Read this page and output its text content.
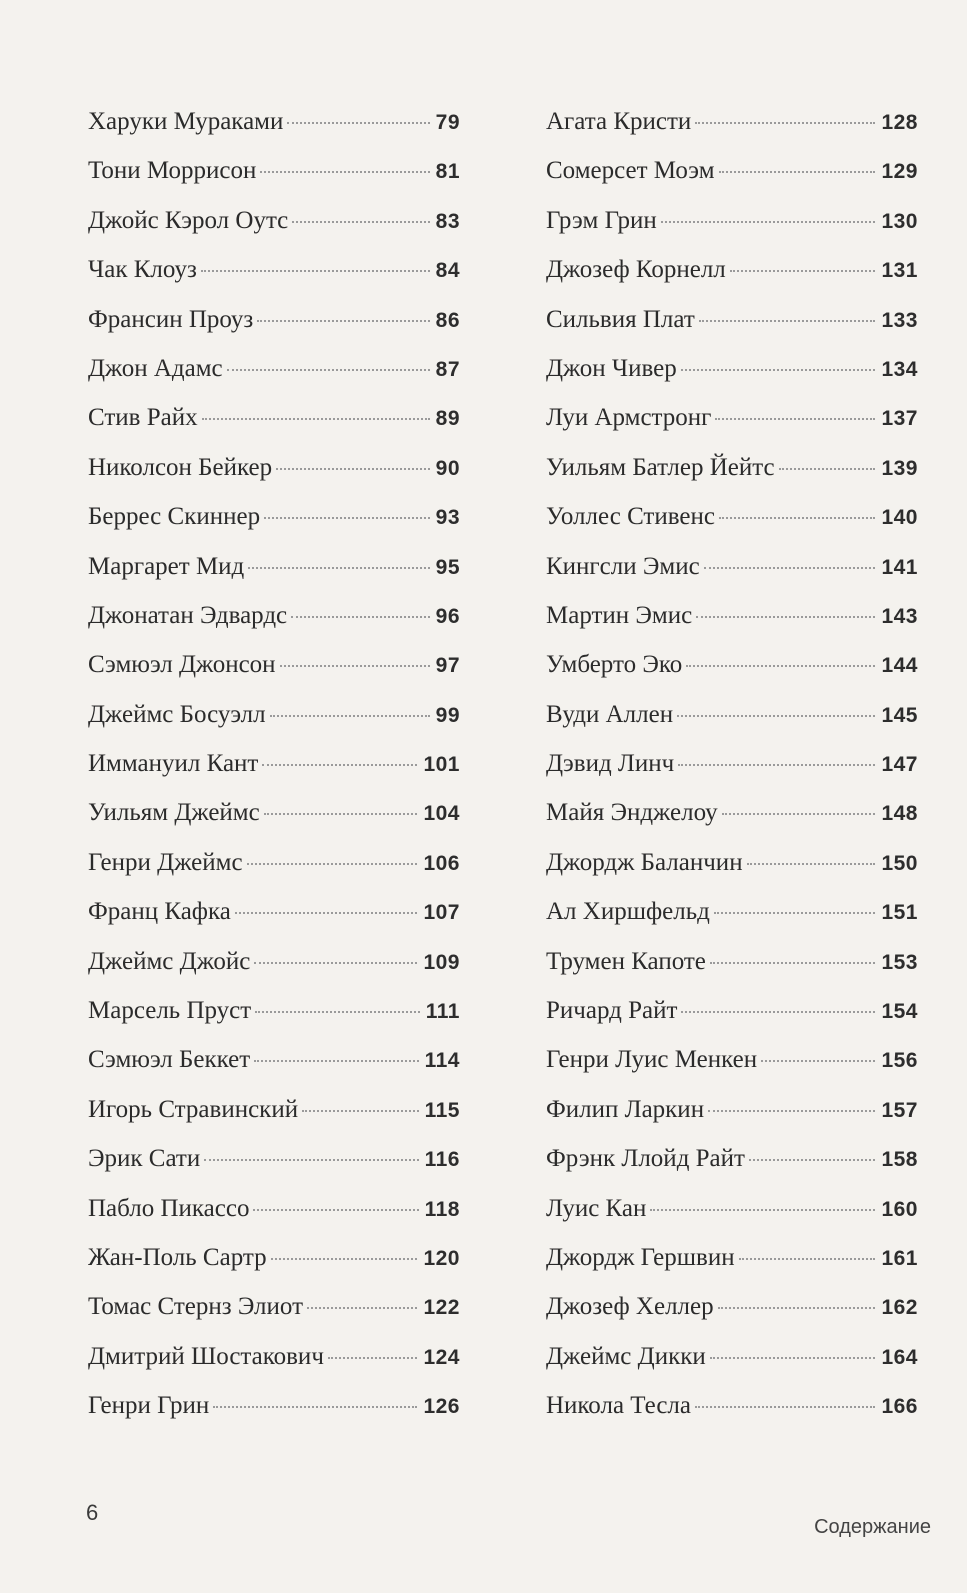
Харуки Мураками	79
Тони Моррисон	81
Джойс Кэрол Оутс	83
Чак Клоуз	84
Франсин Проуз	86
Джон Адамс	87
Стив Райх	89
Николсон Бейкер	90
Беррес Скиннер	93
Маргарет Мид	95
Джонатан Эдвардс	96
Сэмюэл Джонсон	97
Джеймс Босуэлл	99
Иммануил Кант	101
Уильям Джеймс	104
Генри Джеймс	106
Франц Кафка	107
Джеймс Джойс	109
Марсель Пруст	111
Сэмюэл Беккет	114
Игорь Стравинский	115
Эрик Сати	116
Пабло Пикассо	118
Жан-Поль Сартр	120
Томас Стернз Элиот	122
Дмитрий Шостакович	124
Генри Грин	126
Агата Кристи	128
Сомерсет Моэм	129
Грэм Грин	130
Джозеф Корнелл	131
Сильвия Плат	133
Джон Чивер	134
Луи Армстронг	137
Уильям Батлер Йейтс	139
Уоллес Стивенс	140
Кингсли Эмис	141
Мартин Эмис	143
Умберто Эко	144
Вуди Аллен	145
Дэвид Линч	147
Майя Энджелоу	148
Джордж Баланчин	150
Ал Хиршфельд	151
Трумен Капоте	153
Ричард Райт	154
Генри Луис Менкен	156
Филип Ларкин	157
Фрэнк Ллойд Райт	158
Луис Кан	160
Джордж Гершвин	161
Джозеф Хеллер	162
Джеймс Дикки	164
Никола Тесла	166
6
Содержание
